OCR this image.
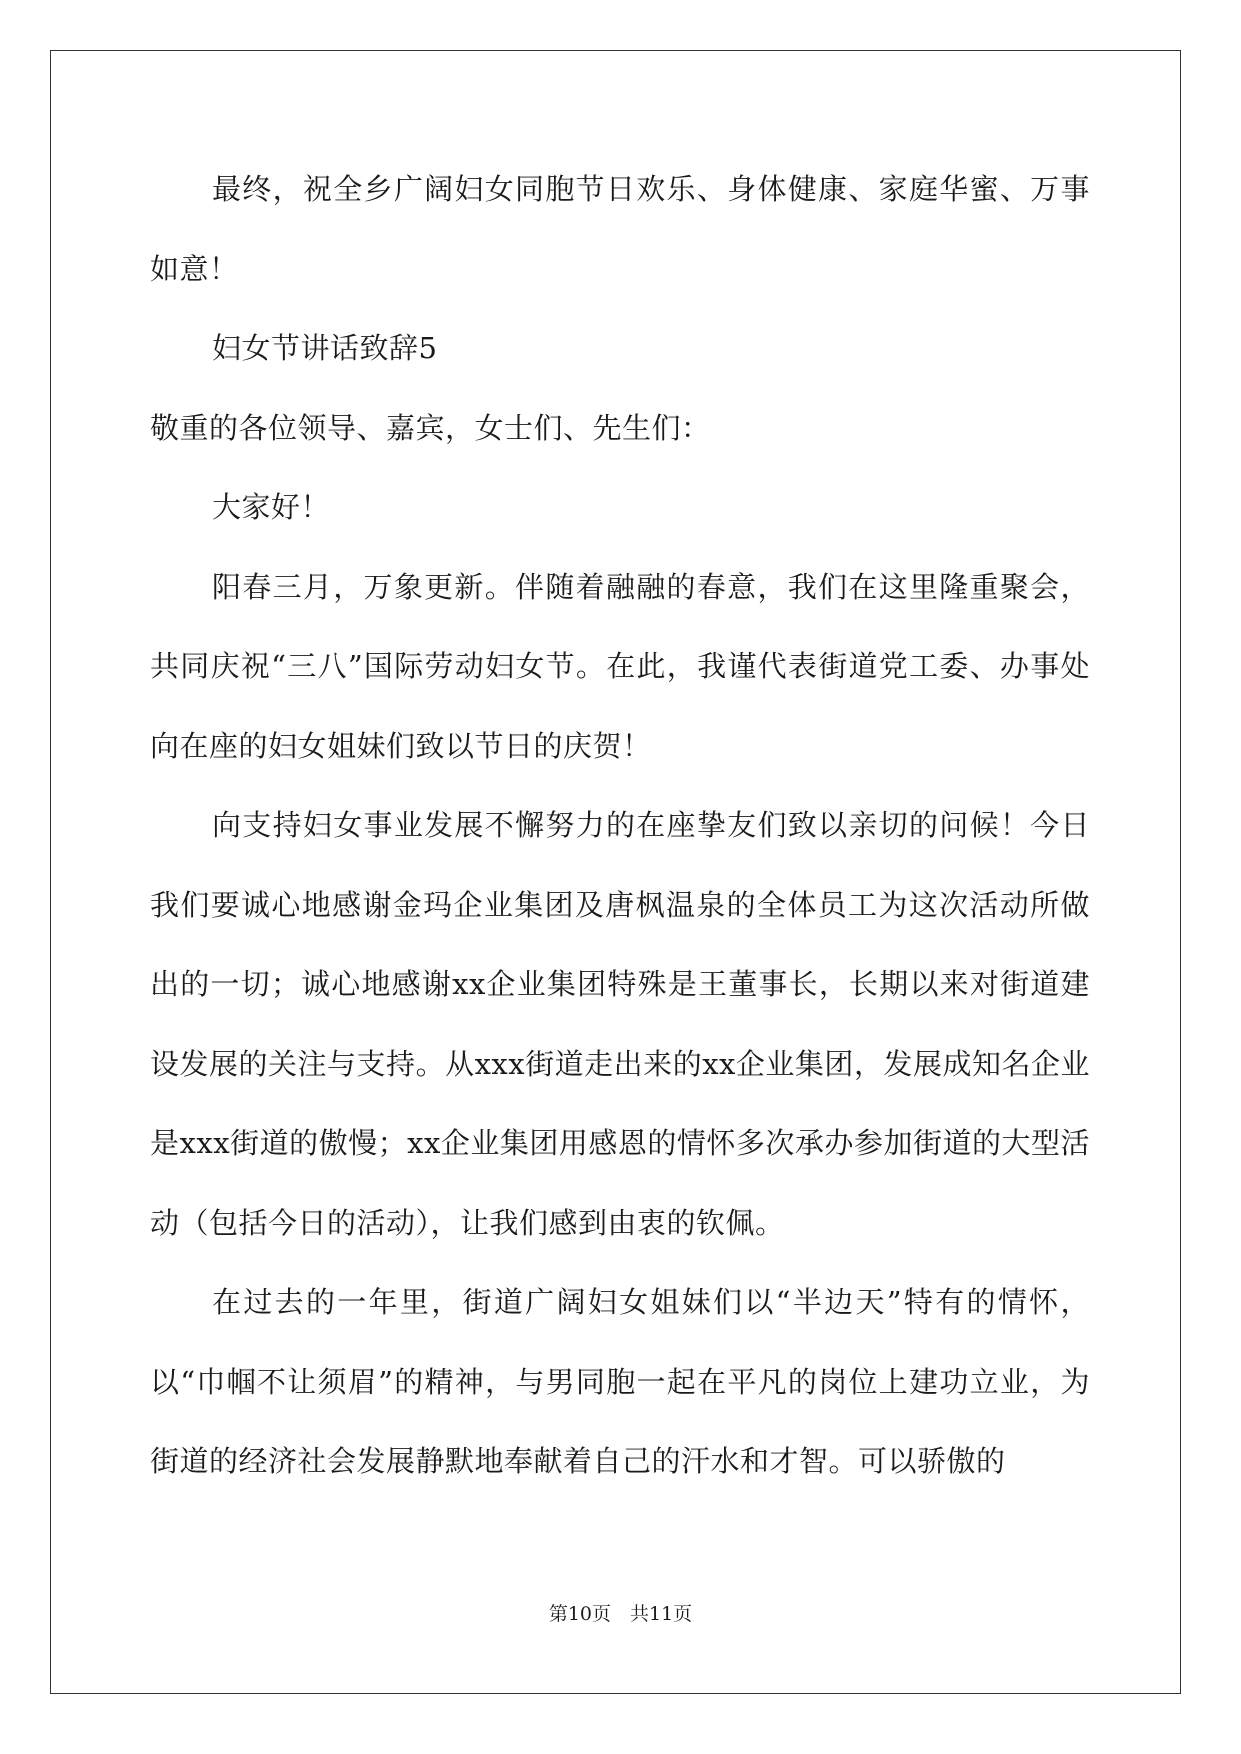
最终，祝全乡广阔妇女同胞节日欢乐、身体健康、家庭华蜜、万事如意！

妇女节讲话致辞5

敬重的各位领导、嘉宾，女士们、先生们：

大家好！

阳春三月，万象更新。伴随着融融的春意，我们在这里隆重聚会，共同庆祝“三八”国际劳动妇女节。在此，我谨代表街道党工委、办事处向在座的妇女姐妹们致以节日的庆贺！

向支持妇女事业发展不懈努力的在座挚友们致以亲切的问候！今日我们要诚心地感谢金玛企业集团及唐枫温泉的全体员工为这次活动所做出的一切；诚心地感谢xx企业集团特殊是王董事长，长期以来对街道建设发展的关注与支持。从xxx街道走出来的xx企业集团，发展成知名企业是xxx街道的傲慢；xx企业集团用感恩的情怀多次承办参加街道的大型活动（包括今日的活动），让我们感到由衷的钦佩。

在过去的一年里，街道广阔妇女姐妹们以“半边天”特有的情怀，以“巾帼不让须眉”的精神，与男同胞一起在平凡的岗位上建功立业，为街道的经济社会发展静默地奉献着自己的汗水和才智。可以骄傲的

第10页　共11页
